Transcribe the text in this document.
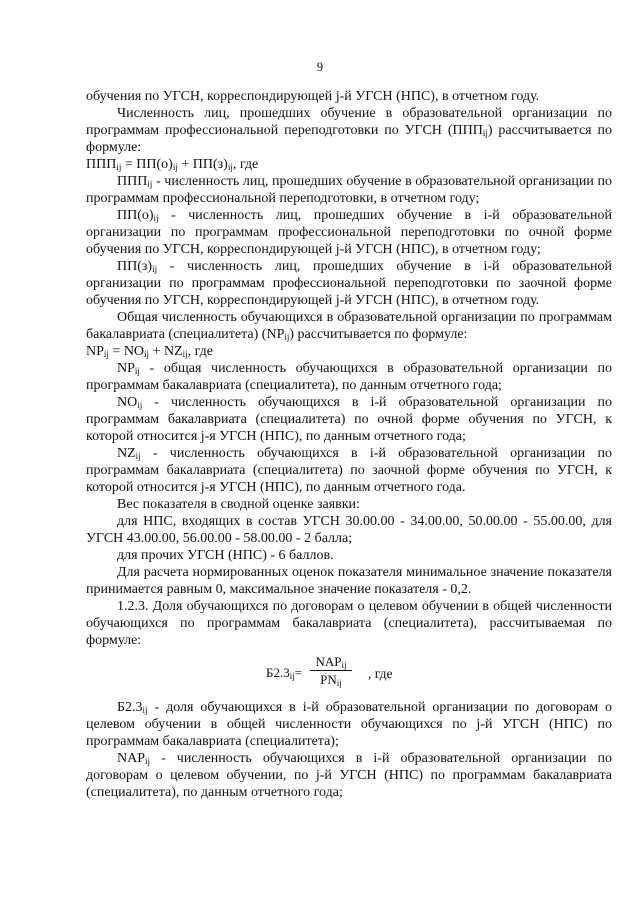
9

обучения по УГСН, корреспондирующей j-й УГСН (НПС), в отчетном году.

Численность лиц, прошедших обучение в образовательной организации по программам профессиональной переподготовки по УГСН $(ППП_{ij})$ рассчитывается по формуле:

$ППП_{ij} = ПП(о)_{ij} + ПП(з)_{ij}$, где

$ППП_{ij}$ - численность лиц, прошедших обучение в образовательной организации по программам профессиональной переподготовки, в отчетном году;

$ПП(о)_{ij}$ - численность лиц, прошедших обучение в i-й образовательной организации по программам профессиональной переподготовки по очной форме обучения по УГСН, корреспондирующей j-й УГСН (НПС), в отчетном году;

$ПП(з)_{ij}$ - численность лиц, прошедших обучение в i-й образовательной организации по программам профессиональной переподготовки по заочной форме обучения по УГСН, корреспондирующей j-й УГСН (НПС), в отчетном году.

Общая численность обучающихся в образовательной организации по программам бакалавриата (специалитета) $(NP_{ij})$ рассчитывается по формуле:

$NP_{ij} = NO_{ij} + NZ_{ij}$, где

$NP_{ij}$ - общая численность обучающихся в образовательной организации по программам бакалавриата (специалитета), по данным отчетного года;

$NO_{ij}$ - численность обучающихся в i-й образовательной организации по программам бакалавриата (специалитета) по очной форме обучения по УГСН, к которой относится j-я УГСН (НПС), по данным отчетного года;

$NZ_{ij}$ - численность обучающихся в i-й образовательной организации по программам бакалавриата (специалитета) по заочной форме обучения по УГСН, к которой относится j-я УГСН (НПС), по данным отчетного года.

Вес показателя в сводной оценке заявки:

для НПС, входящих в состав УГСН 30.00.00 - 34.00.00, 50.00.00 - 55.00.00, для УГСН 43.00.00, 56.00.00 - 58.00.00 - 2 балла;

для прочих УГСН (НПС) - 6 баллов.

Для расчета нормированных оценок показателя минимальное значение показателя принимается равным 0, максимальное значение показателя - 0,2.

1.2.3. Доля обучающихся по договорам о целевом обучении в общей численности обучающихся по программам бакалавриата (специалитета), рассчитываемая по формуле:

$Б2.3_{ij}=$
$NAP_{ij}$
$PN_{ij}$
, где

$Б2.3_{ij}$ - доля обучающихся в i-й образовательной организации по договорам о целевом обучении в общей численности обучающихся по j-й УГСН (НПС) по программам бакалавриата (специалитета);

$NAP_{ij}$ - численность обучающихся в i-й образовательной организации по договорам о целевом обучении, по j-й УГСН (НПС) по программам бакалавриата (специалитета), по данным отчетного года;
